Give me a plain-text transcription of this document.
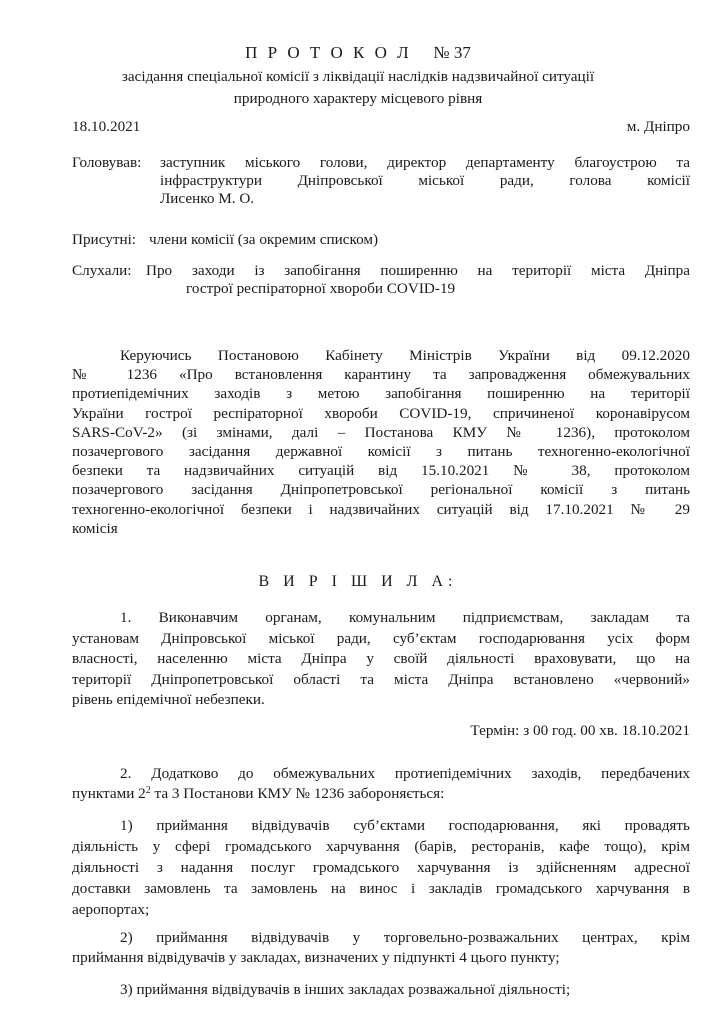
П Р О Т О К О Л № 37
засідання спеціальної комісії з ліквідації наслідків надзвичайної ситуації
природного характеру місцевого рівня
18.10.2021	м. Дніпро
Головував: заступник міського голови, директор департаменту благоустрою та
інфраструктури Дніпровської міської ради, голова комісії
Лисенко М. О.
Присутні: члени комісії (за окремим списком)
Слухали: Про заходи із запобігання поширенню на території міста Дніпра
гострої респіраторної хвороби COVID-19
Керуючись Постановою Кабінету Міністрів України від 09.12.2020
№ 1236 «Про встановлення карантину та запровадження обмежувальних
протиепідемічних заходів з метою запобігання поширенню на території
України гострої респіраторної хвороби COVID-19, спричиненої коронавірусом
SARS-CoV-2» (зі змінами, далі – Постанова КМУ № 1236), протоколом
позачергового засідання державної комісії з питань техногенно-екологічної
безпеки та надзвичайних ситуацій від 15.10.2021 № 38, протоколом
позачергового засідання Дніпропетровської регіональної комісії з питань
техногенно-екологічної безпеки і надзвичайних ситуацій від 17.10.2021 № 29
комісія
В И Р І Ш И Л А:
1. Виконавчим органам, комунальним підприємствам, закладам та
установам Дніпровської міської ради, суб’єктам господарювання усіх форм
власності, населенню міста Дніпра у своїй діяльності враховувати, що на
території Дніпропетровської області та міста Дніпра встановлено «червоний»
рівень епідемічної небезпеки.
Термін: з 00 год. 00 хв. 18.10.2021
2. Додатково до обмежувальних протиепідемічних заходів, передбачених
пунктами $2^2$ та 3 Постанови КМУ № 1236 забороняється:
1) приймання відвідувачів суб’єктами господарювання, які провадять
діяльність у сфері громадського харчування (барів, ресторанів, кафе тощо), крім
діяльності з надання послуг громадського харчування із здійсненням адресної
доставки замовлень та замовлень на винос і закладів громадського харчування в
аеропортах;
2) приймання відвідувачів у торговельно-розважальних центрах, крім
приймання відвідувачів у закладах, визначених у підпункті 4 цього пункту;
3) приймання відвідувачів в інших закладах розважальної діяльності;
